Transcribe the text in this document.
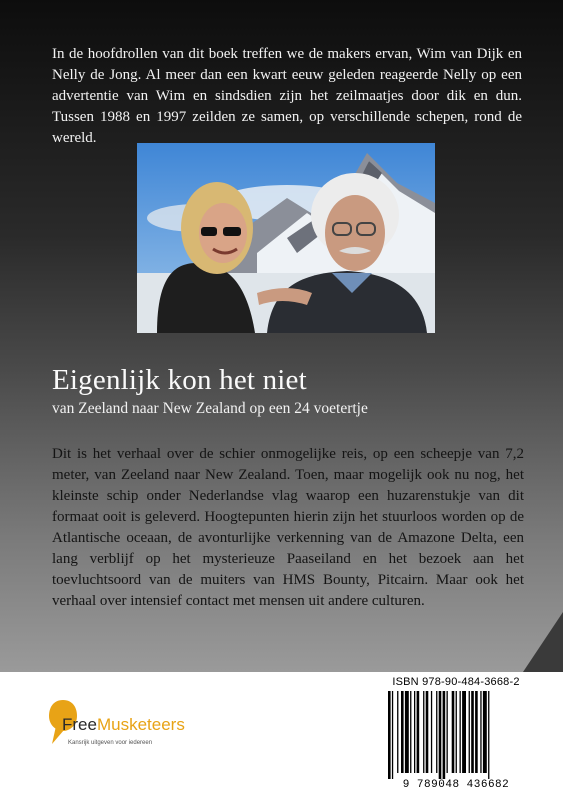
In de hoofdrollen van dit boek treffen we de makers ervan, Wim van Dijk en Nelly de Jong. Al meer dan een kwart eeuw geleden reageerde Nelly op een advertentie van Wim en sindsdien zijn het zeilmaatjes door dik en dun. Tussen 1988 en 1997 zeilden ze samen, op verschillende schepen, rond de wereld.

Eigenlijk kon het niet

van Zeeland naar New Zealand op een 24 voetertje

Dit is het verhaal over de schier onmogelijke reis, op een scheepje van 7,2 meter, van Zeeland naar New Zealand. Toen, maar mogelijk ook nu nog, het kleinste schip onder Nederlandse vlag waarop een huzarenstukje van dit formaat ooit is geleverd. Hoogtepunten hierin zijn het stuurloos worden op de Atlantische oceaan, de avonturlijke verkenning van de Amazone Delta, een lang verblijf op het mysterieuze Paaseiland en het bezoek aan het toevluchtsoord van de muiters van HMS Bounty, Pitcairn. Maar ook het verhaal over intensief contact met mensen uit andere culturen.

FreeMusketeers
Kansrijk uitgeven voor iedereen
ISBN 978-90-484-3668-2
9 789048 436682
